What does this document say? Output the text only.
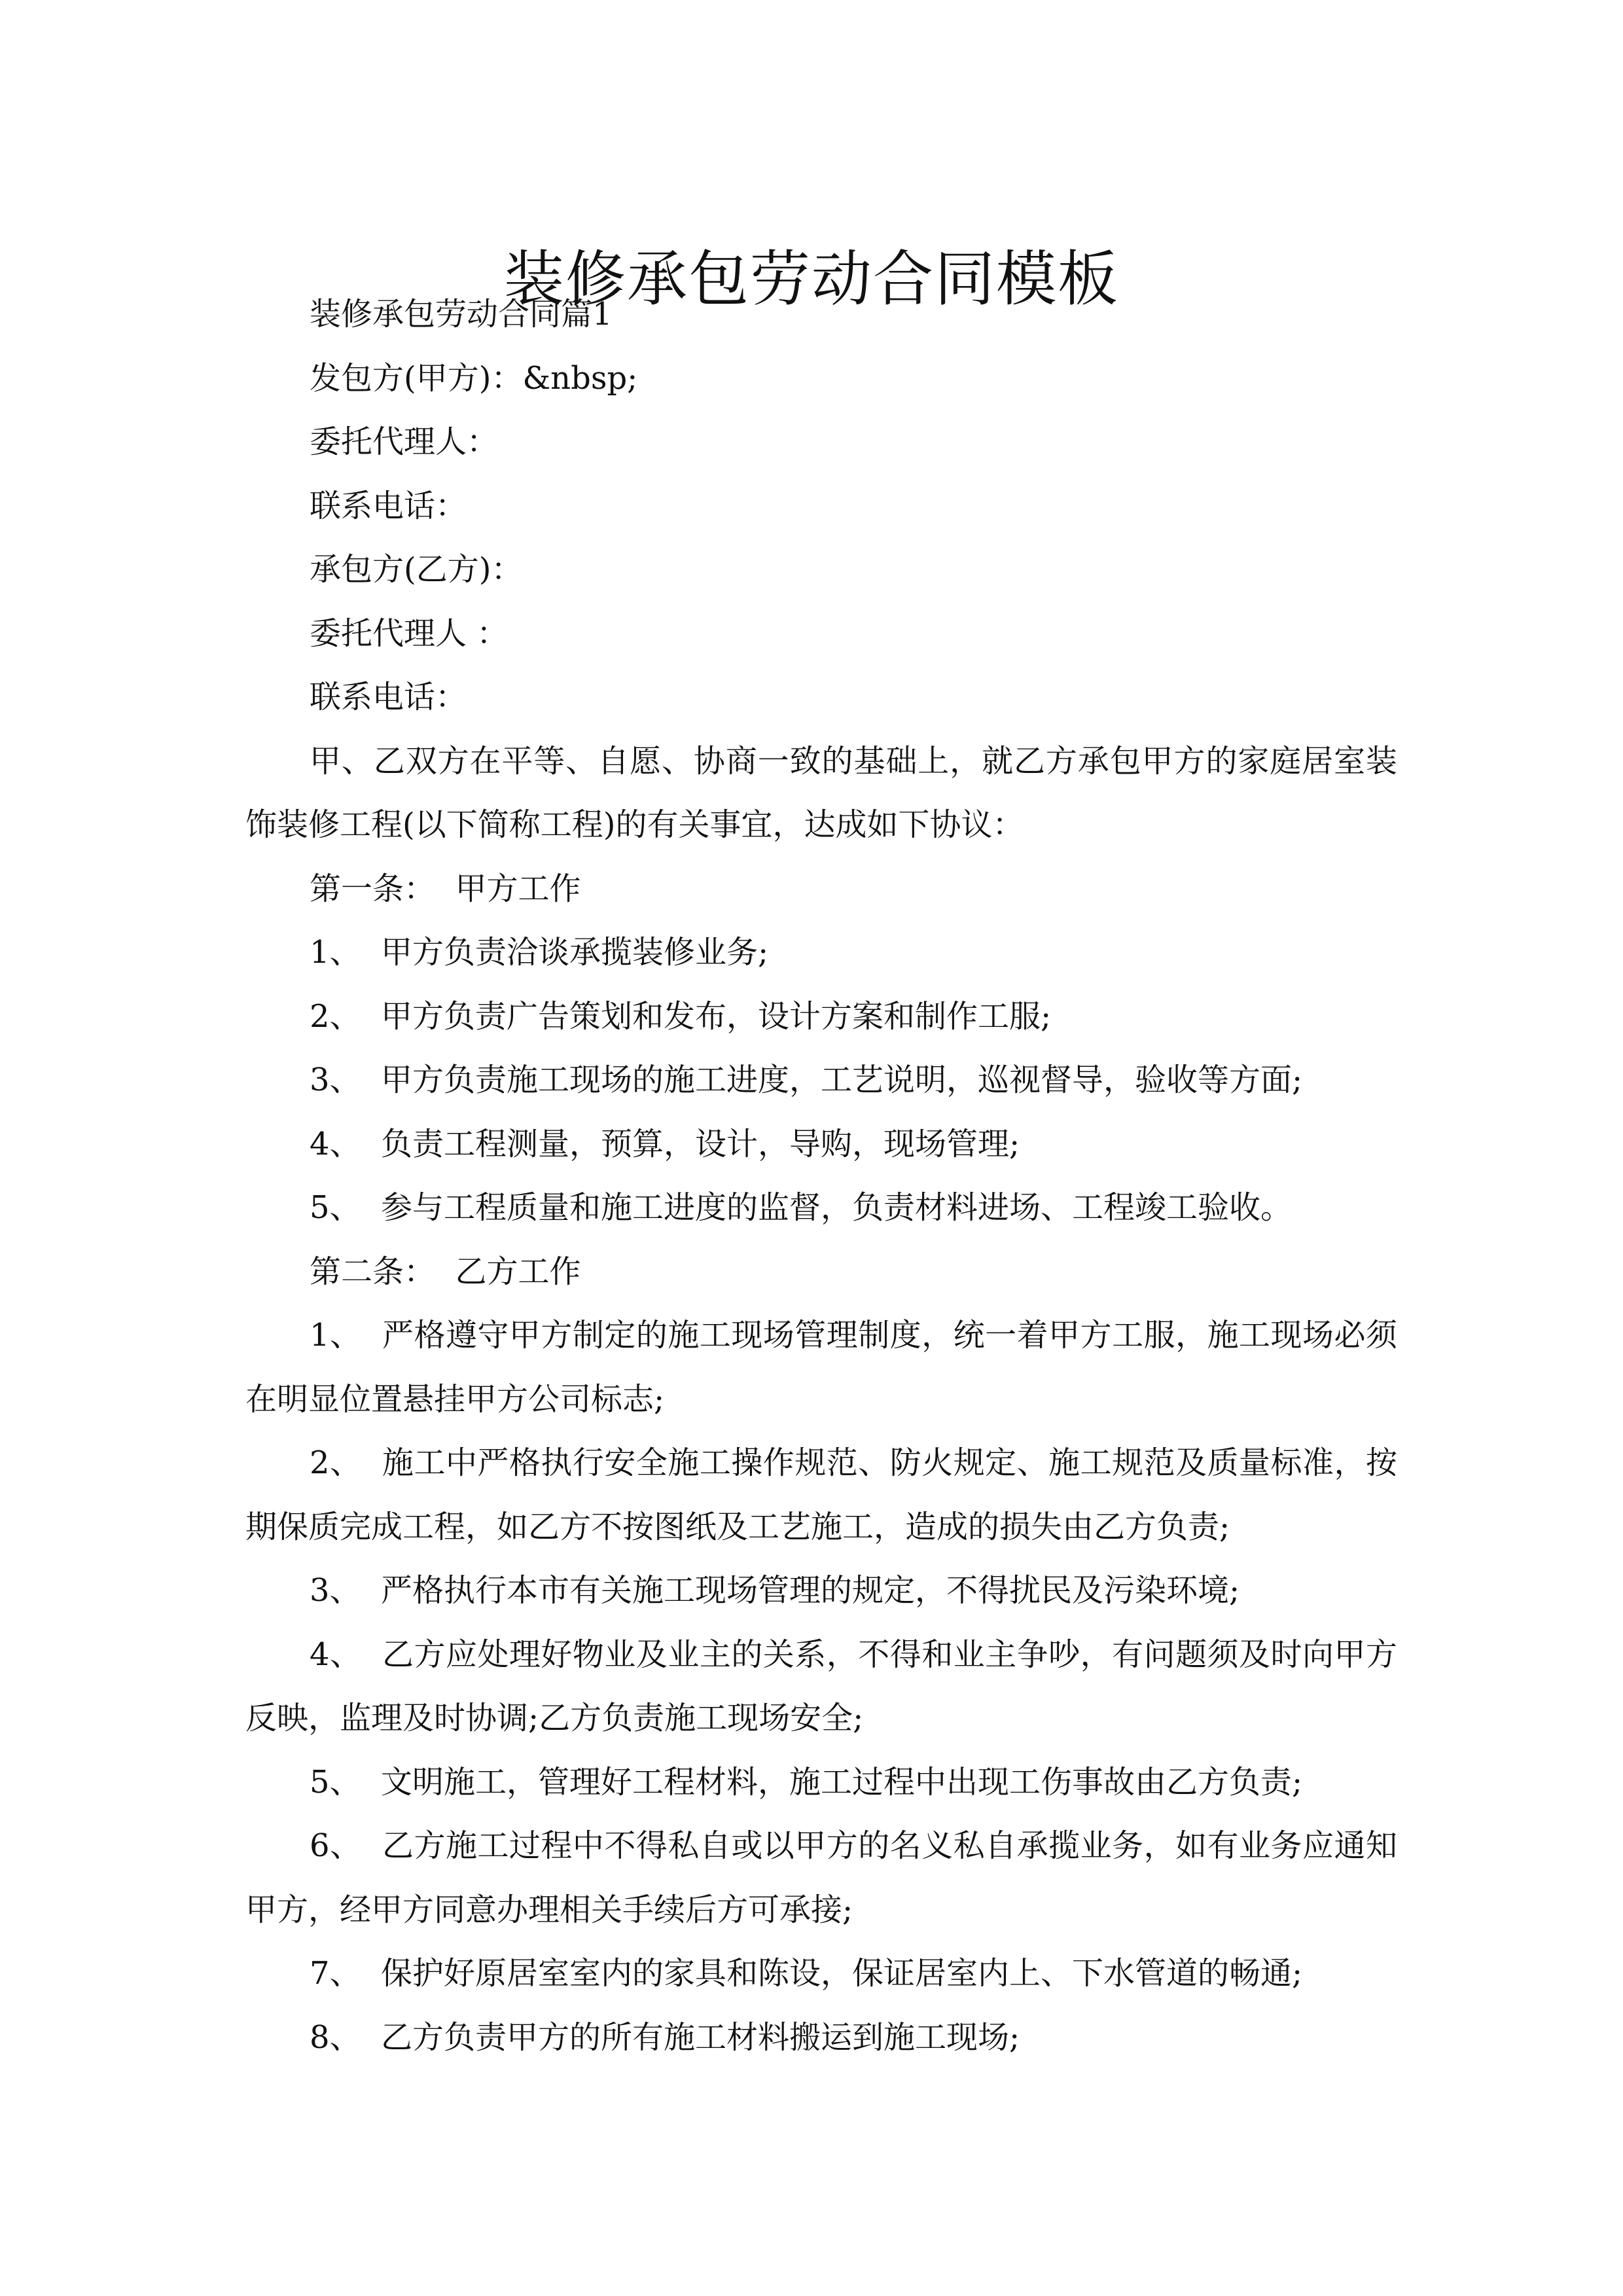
装修承包劳动合同模板

装修承包劳动合同篇1

发包方(甲方)：&nbsp;

委托代理人：

联系电话：

承包方(乙方)：

委托代理人 ：

联系电话：

甲、乙双方在平等、自愿、协商一致的基础上，就乙方承包甲方的家庭居室装饰装修工程(以下简称工程)的有关事宜，达成如下协议：

第一条：  甲方工作

1、  甲方负责洽谈承揽装修业务;

2、  甲方负责广告策划和发布，设计方案和制作工服;

3、  甲方负责施工现场的施工进度，工艺说明，巡视督导，验收等方面;

4、  负责工程测量，预算，设计，导购，现场管理;

5、  参与工程质量和施工进度的监督，负责材料进场、工程竣工验收。

第二条：  乙方工作

1、  严格遵守甲方制定的施工现场管理制度，统一着甲方工服，施工现场必须在明显位置悬挂甲方公司标志;

2、  施工中严格执行安全施工操作规范、防火规定、施工规范及质量标准，按期保质完成工程，如乙方不按图纸及工艺施工，造成的损失由乙方负责;

3、  严格执行本市有关施工现场管理的规定，不得扰民及污染环境;

4、  乙方应处理好物业及业主的关系，不得和业主争吵，有问题须及时向甲方反映，监理及时协调;乙方负责施工现场安全;

5、  文明施工，管理好工程材料，施工过程中出现工伤事故由乙方负责;

6、  乙方施工过程中不得私自或以甲方的名义私自承揽业务，如有业务应通知甲方，经甲方同意办理相关手续后方可承接;

7、  保护好原居室室内的家具和陈设，保证居室内上、下水管道的畅通;

8、  乙方负责甲方的所有施工材料搬运到施工现场;
